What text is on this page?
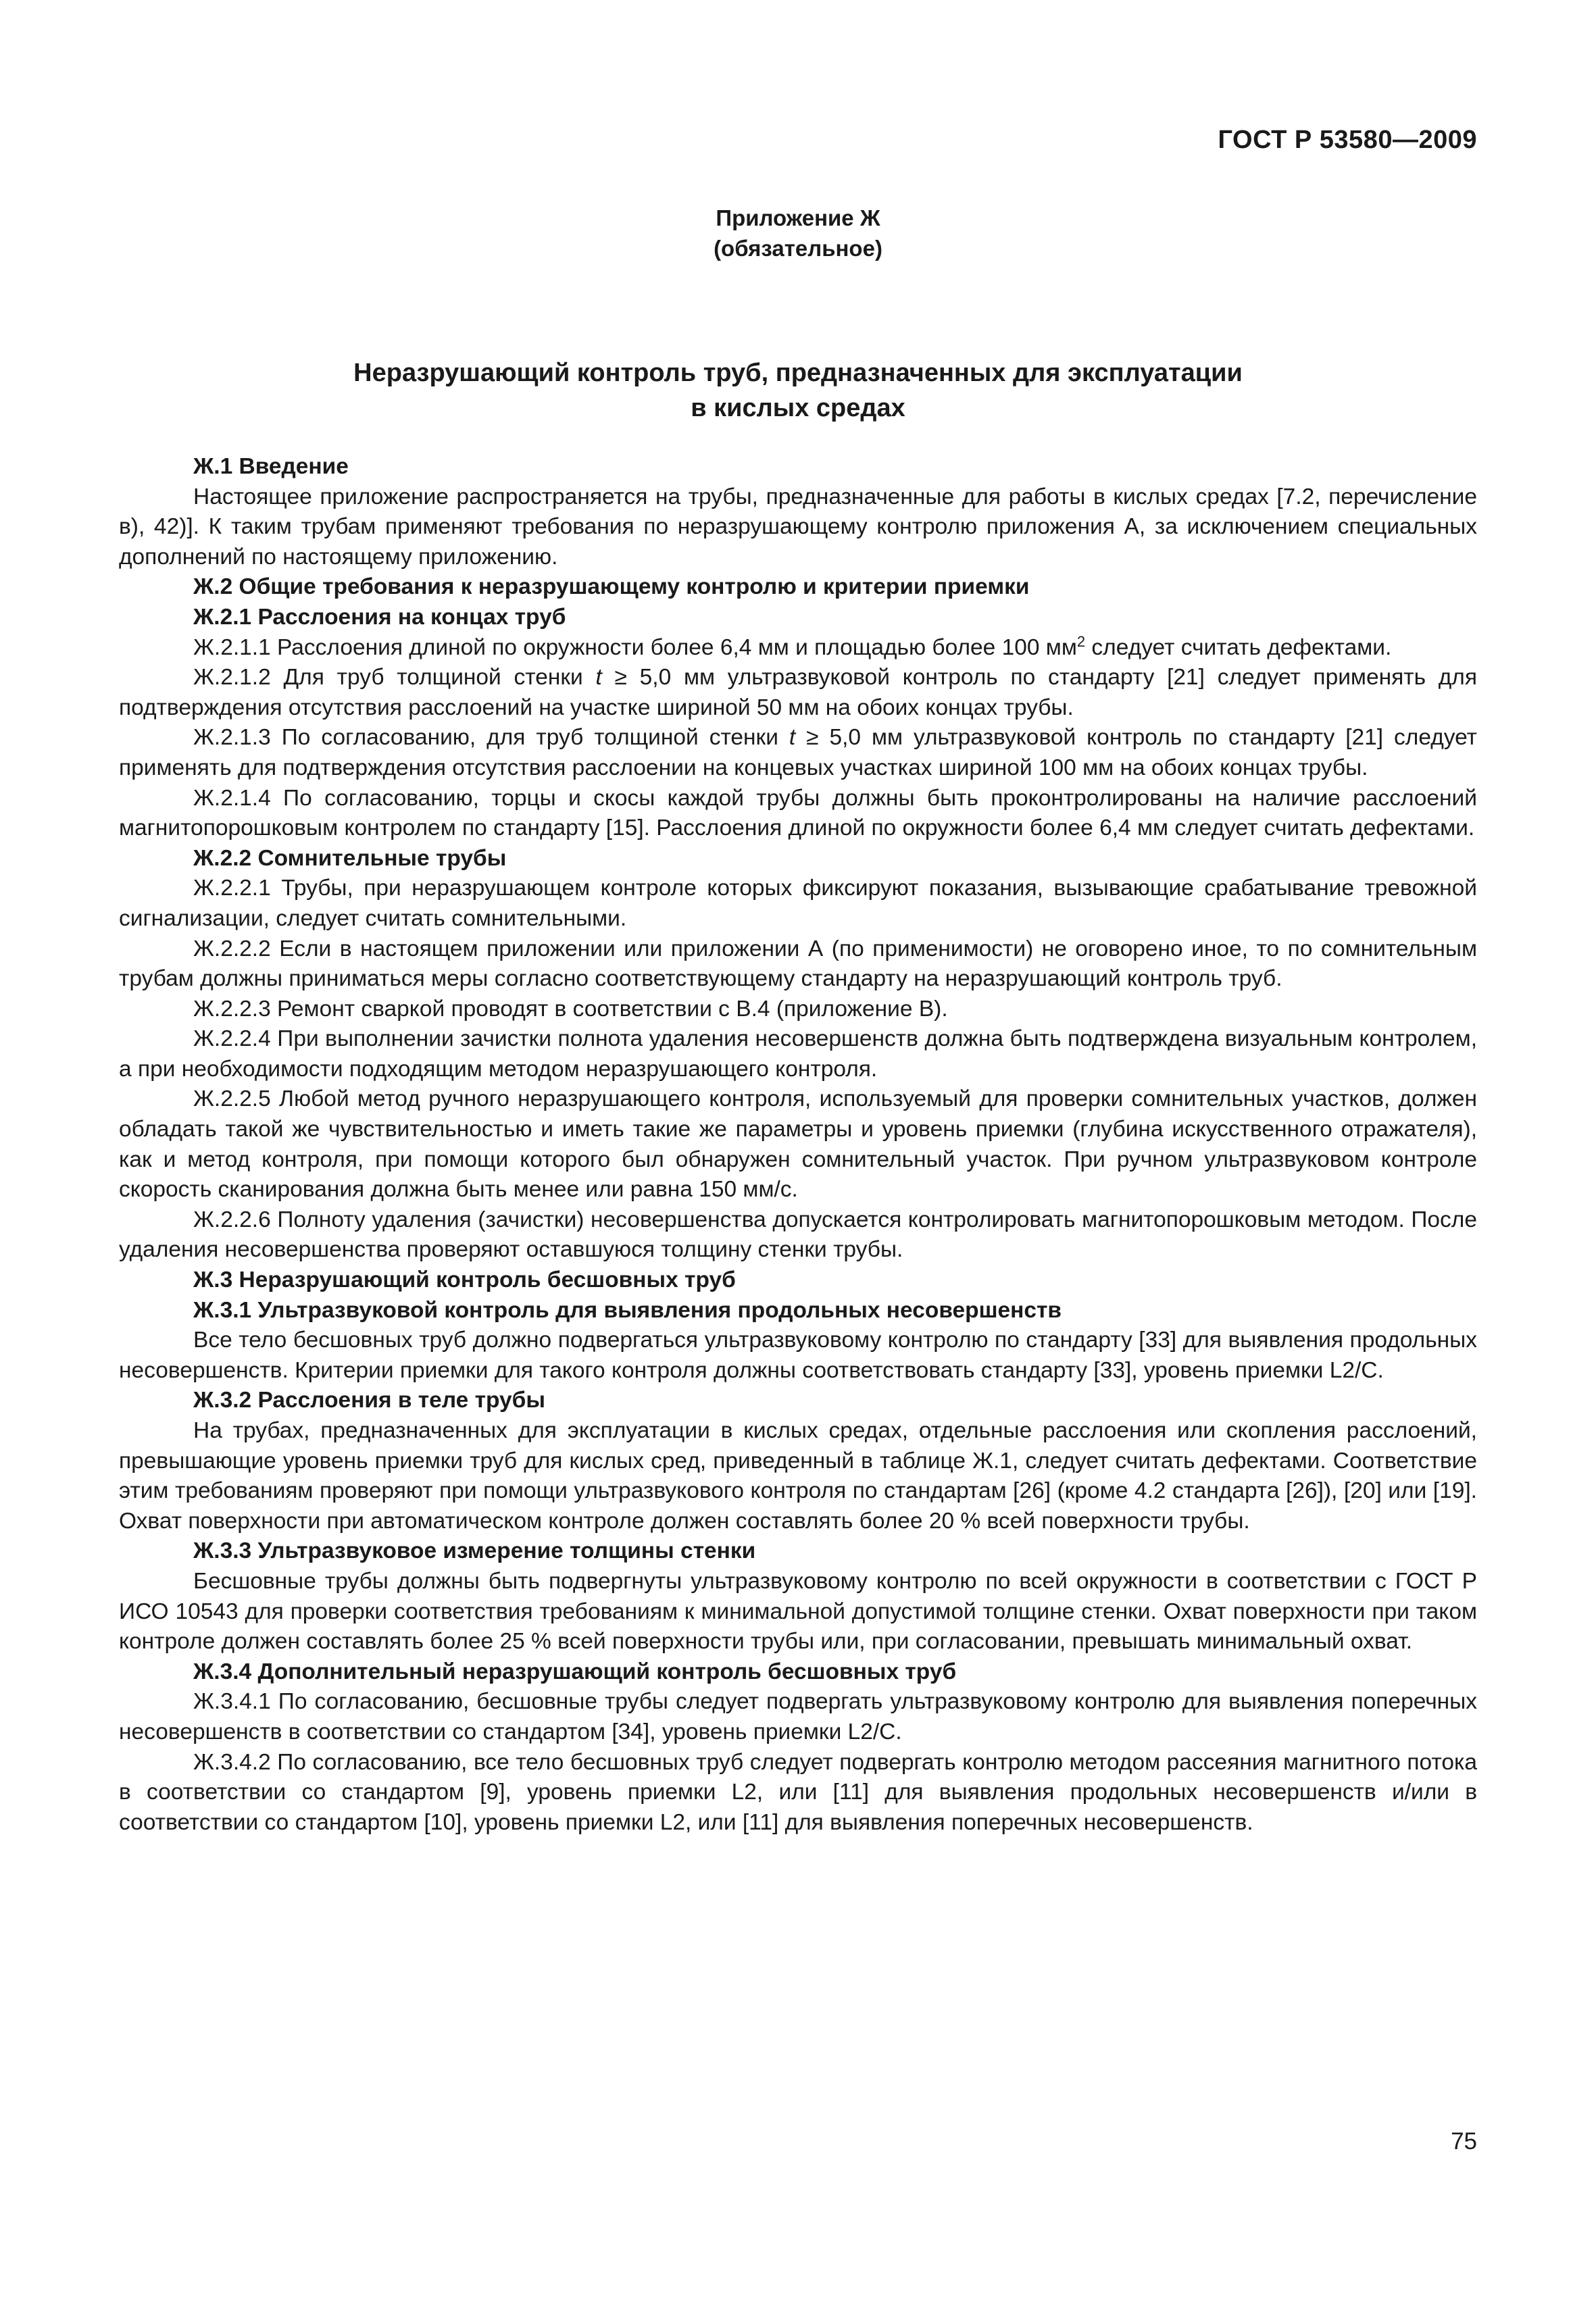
ГОСТ Р 53580—2009
Приложение Ж
(обязательное)
Неразрушающий контроль труб, предназначенных для эксплуатации
в кислых средах

Ж.1 Введение

Настоящее приложение распространяется на трубы, предназначенные для работы в кислых средах [7.2, перечисление в), 42)]. К таким трубам применяют требования по неразрушающему контролю приложения А, за исключением специальных дополнений по настоящему приложению.

Ж.2 Общие требования к неразрушающему контролю и критерии приемки

Ж.2.1 Расслоения на концах труб

Ж.2.1.1 Расслоения длиной по окружности более 6,4 мм и площадью более 100 $мм^2$ следует считать дефектами.

Ж.2.1.2 Для труб толщиной стенки t ≥ 5,0 мм ультразвуковой контроль по стандарту [21] следует применять для подтверждения отсутствия расслоений на участке шириной 50 мм на обоих концах трубы.

Ж.2.1.3 По согласованию, для труб толщиной стенки t ≥ 5,0 мм ультразвуковой контроль по стандарту [21] следует применять для подтверждения отсутствия расслоении на концевых участках шириной 100 мм на обоих концах трубы.

Ж.2.1.4 По согласованию, торцы и скосы каждой трубы должны быть проконтролированы на наличие расслоений магнитопорошковым контролем по стандарту [15]. Расслоения длиной по окружности более 6,4 мм следует считать дефектами.

Ж.2.2 Сомнительные трубы

Ж.2.2.1 Трубы, при неразрушающем контроле которых фиксируют показания, вызывающие срабатывание тревожной сигнализации, следует считать сомнительными.

Ж.2.2.2 Если в настоящем приложении или приложении А (по применимости) не оговорено иное, то по сомнительным трубам должны приниматься меры согласно соответствующему стандарту на неразрушающий контроль труб.

Ж.2.2.3 Ремонт сваркой проводят в соответствии с В.4 (приложение В).

Ж.2.2.4 При выполнении зачистки полнота удаления несовершенств должна быть подтверждена визуальным контролем, а при необходимости подходящим методом неразрушающего контроля.

Ж.2.2.5 Любой метод ручного неразрушающего контроля, используемый для проверки сомнительных участков, должен обладать такой же чувствительностью и иметь такие же параметры и уровень приемки (глубина искусственного отражателя), как и метод контроля, при помощи которого был обнаружен сомнительный участок. При ручном ультразвуковом контроле скорость сканирования должна быть менее или равна 150 мм/с.

Ж.2.2.6 Полноту удаления (зачистки) несовершенства допускается контролировать магнитопорошковым методом. После удаления несовершенства проверяют оставшуюся толщину стенки трубы.

Ж.3 Неразрушающий контроль бесшовных труб

Ж.3.1 Ультразвуковой контроль для выявления продольных несовершенств

Все тело бесшовных труб должно подвергаться ультразвуковому контролю по стандарту [33] для выявления продольных несовершенств. Критерии приемки для такого контроля должны соответствовать стандарту [33], уровень приемки L2/С.

Ж.3.2 Расслоения в теле трубы

На трубах, предназначенных для эксплуатации в кислых средах, отдельные расслоения или скопления расслоений, превышающие уровень приемки труб для кислых сред, приведенный в таблице Ж.1, следует считать дефектами. Соответствие этим требованиям проверяют при помощи ультразвукового контроля по стандартам [26] (кроме 4.2 стандарта [26]), [20] или [19]. Охват поверхности при автоматическом контроле должен составлять более 20 % всей поверхности трубы.

Ж.3.3 Ультразвуковое измерение толщины стенки

Бесшовные трубы должны быть подвергнуты ультразвуковому контролю по всей окружности в соответствии с ГОСТ Р ИСО 10543 для проверки соответствия требованиям к минимальной допустимой толщине стенки. Охват поверхности при таком контроле должен составлять более 25 % всей поверхности трубы или, при согласовании, превышать минимальный охват.

Ж.3.4 Дополнительный неразрушающий контроль бесшовных труб

Ж.3.4.1 По согласованию, бесшовные трубы следует подвергать ультразвуковому контролю для выявления поперечных несовершенств в соответствии со стандартом [34], уровень приемки L2/С.

Ж.3.4.2 По согласованию, все тело бесшовных труб следует подвергать контролю методом рассеяния магнитного потока в соответствии со стандартом [9], уровень приемки L2, или [11] для выявления продольных несовершенств и/или в соответствии со стандартом [10], уровень приемки L2, или [11] для выявления поперечных несовершенств.

75
